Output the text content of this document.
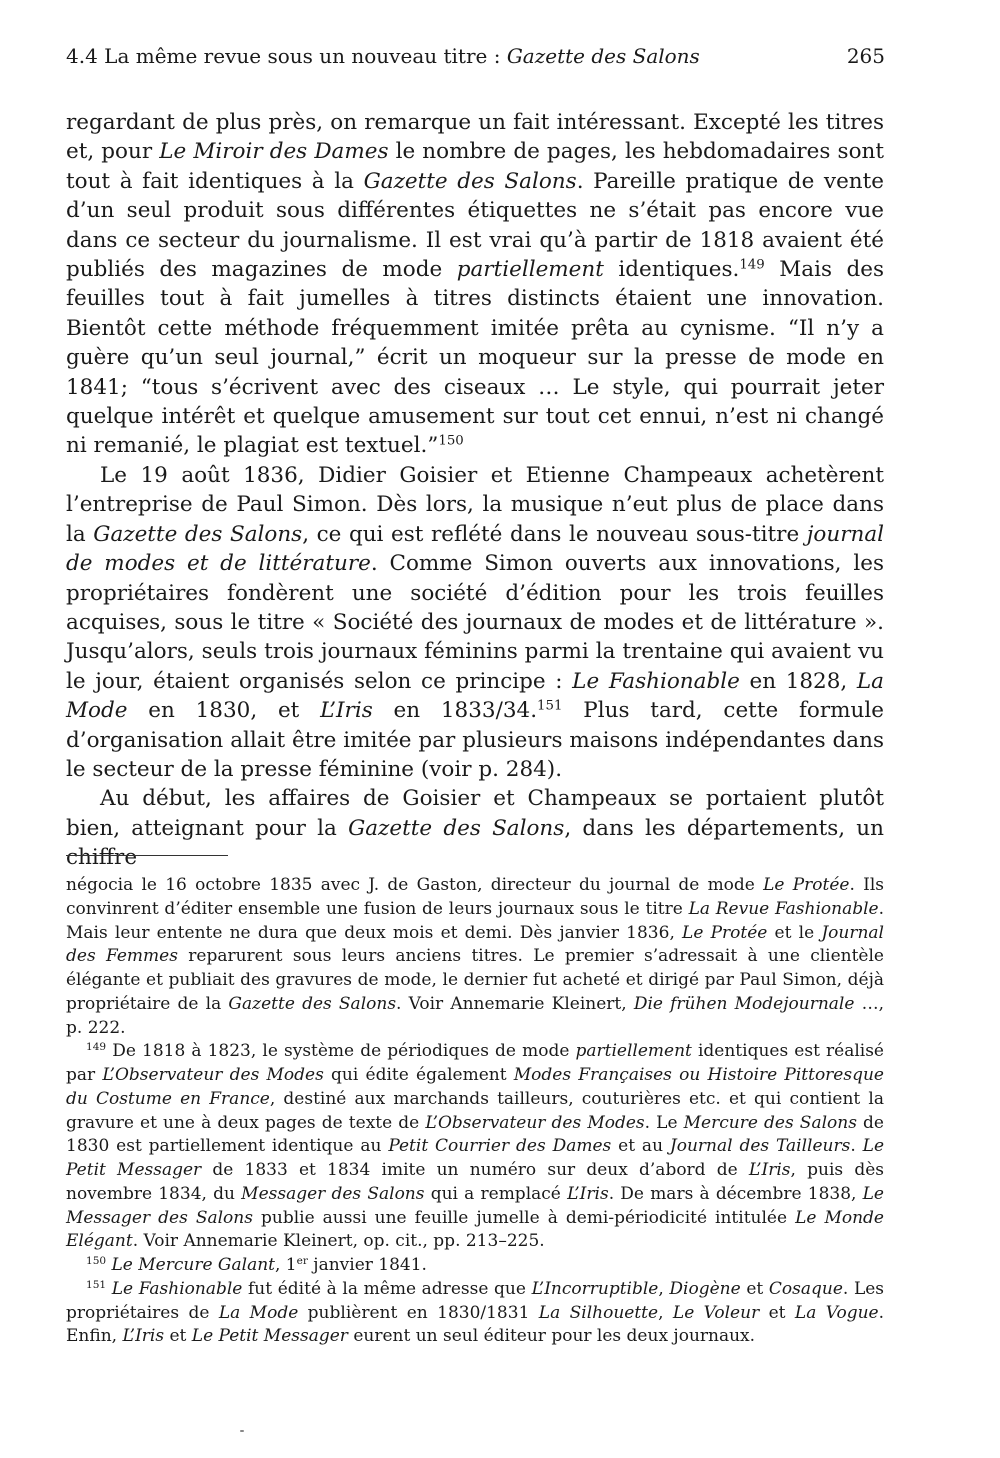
4.4 La même revue sous un nouveau titre : Gazette des Salons	265

regardant de plus près, on remarque un fait intéressant. Excepté les titres et, pour Le Miroir des Dames le nombre de pages, les hebdomadaires sont tout à fait identiques à la Gazette des Salons. Pareille pratique de vente d’un seul produit sous différentes étiquettes ne s’était pas encore vue dans ce secteur du journalisme. Il est vrai qu’à partir de 1818 avaient été publiés des magazines de mode partiellement identiques.$^{149}$ Mais des feuilles tout à fait jumelles à titres distincts étaient une innovation. Bientôt cette méthode fréquemment imitée prêta au cynisme. “Il n’y a guère qu’un seul journal,” écrit un moqueur sur la presse de mode en 1841; “tous s’écrivent avec des ciseaux … Le style, qui pourrait jeter quelque intérêt et quelque amusement sur tout cet ennui, n’est ni changé ni remanié, le plagiat est textuel.”$^{150}$

Le 19 août 1836, Didier Goisier et Etienne Champeaux achetèrent l’entreprise de Paul Simon. Dès lors, la musique n’eut plus de place dans la Gazette des Salons, ce qui est reflété dans le nouveau sous-titre journal de modes et de littérature. Comme Simon ouverts aux innovations, les propriétaires fondèrent une société d’édition pour les trois feuilles acquises, sous le titre « Société des journaux de modes et de littérature ». Jusqu’alors, seuls trois journaux féminins parmi la trentaine qui avaient vu le jour, étaient organisés selon ce principe : Le Fashionable en 1828, La Mode en 1830, et L’Iris en 1833/34.$^{151}$ Plus tard, cette formule d’organisation allait être imitée par plusieurs maisons indépendantes dans le secteur de la presse féminine (voir p. 284).

Au début, les affaires de Goisier et Champeaux se portaient plutôt bien, atteignant pour la Gazette des Salons, dans les départements, un chiffre

négocia le 16 octobre 1835 avec J. de Gaston, directeur du journal de mode Le Protée. Ils convinrent d’éditer ensemble une fusion de leurs journaux sous le titre La Revue Fashionable. Mais leur entente ne dura que deux mois et demi. Dès janvier 1836, Le Protée et le Journal des Femmes reparurent sous leurs anciens titres. Le premier s’adressait à une clientèle élégante et publiait des gravures de mode, le dernier fut acheté et dirigé par Paul Simon, déjà propriétaire de la Gazette des Salons. Voir Annemarie Kleinert, Die frühen Modejournale …, p. 222.

$^{149}$ De 1818 à 1823, le système de périodiques de mode partiellement identiques est réalisé par L’Observateur des Modes qui édite également Modes Françaises ou Histoire Pittoresque du Costume en France, destiné aux marchands tailleurs, couturières etc. et qui contient la gravure et une à deux pages de texte de L’Observateur des Modes. Le Mercure des Salons de 1830 est partiellement identique au Petit Courrier des Dames et au Journal des Tailleurs. Le Petit Messager de 1833 et 1834 imite un numéro sur deux d’abord de L’Iris, puis dès novembre 1834, du Messager des Salons qui a remplacé L’Iris. De mars à décembre 1838, Le Messager des Salons publie aussi une feuille jumelle à demi-périodicité intitulée Le Monde Elégant. Voir Annemarie Kleinert, op. cit., pp. 213–225.

$^{150}$ Le Mercure Galant, 1er janvier 1841.

$^{151}$ Le Fashionable fut édité à la même adresse que L’Incorruptible, Diogène et Cosaque. Les propriétaires de La Mode publièrent en 1830/1831 La Silhouette, Le Voleur et La Vogue. Enfin, L’Iris et Le Petit Messager eurent un seul éditeur pour les deux journaux.
